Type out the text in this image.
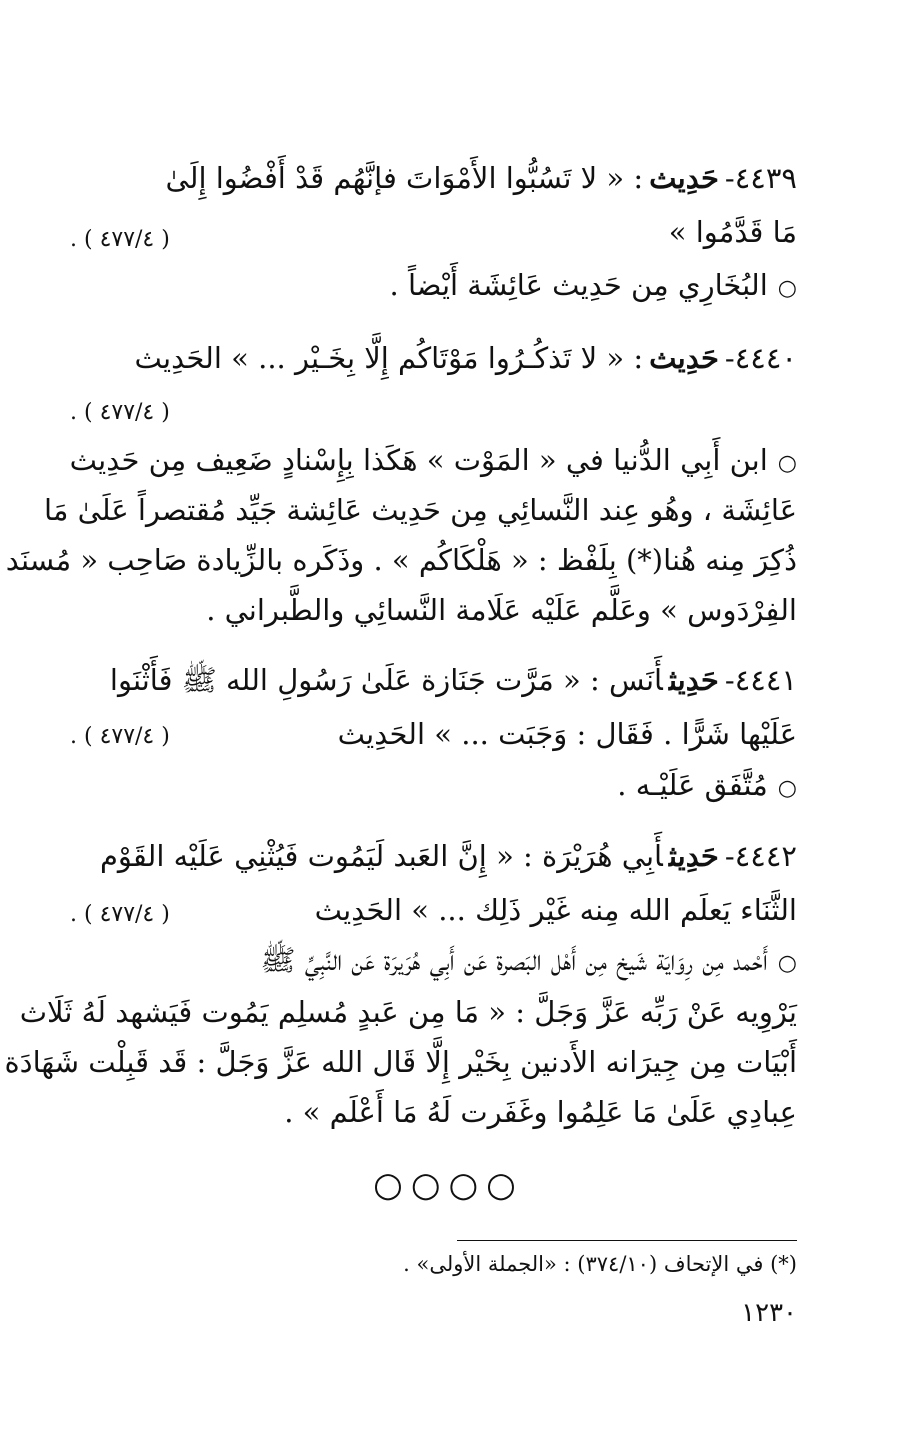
٤٤٣٩-حَدِيث: « لا تَسُبُّوا الأَمْوَاتَ فإنَّهُم قَدْ أَفْضُوا إِلَىٰ
مَا قَدَّمُوا »
( ٤٧٧/٤ ) .
○البُخَارِي مِن حَدِيث عَائِشَة أَيْضاً .
٤٤٤٠-حَدِيث: « لا تَذكُـرُوا مَوْتَاكُم إِلَّا بِخَـيْر ... » الحَدِيث
( ٤٧٧/٤ ) .
○ابن أَبِي الدُّنيا في « المَوْت » هَكَذا بِإِسْنادٍ ضَعِيف مِن حَدِيث
عَائِشَة ، وهُو عِند النَّسائِي مِن حَدِيث عَائِشة جَيِّد مُقتصراً عَلَىٰ مَا
ذُكِرَ مِنه هُنا(*) بِلَفْظ : « هَلْكَاكُم » . وذَكَره بالزِّيادة صَاحِب « مُسنَد
الفِرْدَوس » وعَلَّم عَلَيْه عَلَامة النَّسائِي والطَّبراني .
٤٤٤١-حَدِيثأَنَس : « مَرَّت جَنَازة عَلَىٰ رَسُولِ الله ﷺ فَأَثْنَوا
عَلَيْها شَرًّا . فَقَال : وَجَبَت ... » الحَدِيث
( ٤٧٧/٤ ) .
○مُتَّفَق عَلَيْـه .
٤٤٤٢-حَدِيثأَبِي هُرَيْرَة : « إِنَّ العَبد لَيَمُوت فَيُثْنِي عَلَيْه القَوْم
الثَّنَاء يَعلَم الله مِنه غَيْر ذَلِك ... » الحَدِيث
( ٤٧٧/٤ ) .
○أَحْمد مِن رِوَايَة شَيخ مِن أَهْل البَصرة عَن أَبِي هُرَيرَة عَن النَّبِيِّ ﷺ
يَرْوِيه عَنْ رَبِّه عَزَّ وَجَلَّ : « مَا مِن عَبدٍ مُسلِم يَمُوت فَيَشهد لَهُ ثَلَاث
أَبْيَات مِن جِيرَانه الأَدنين بِخَيْر إِلَّا قَال الله عَزَّ وَجَلَّ : قَد قَبِلْت شَهَادَة
عِبادِي عَلَىٰ مَا عَلِمُوا وغَفَرت لَهُ مَا أَعْلَم » .
○○○○
(*) في الإتحاف (٣٧٤/١٠) : «الجملة الأولى» .
١٢٣٠
